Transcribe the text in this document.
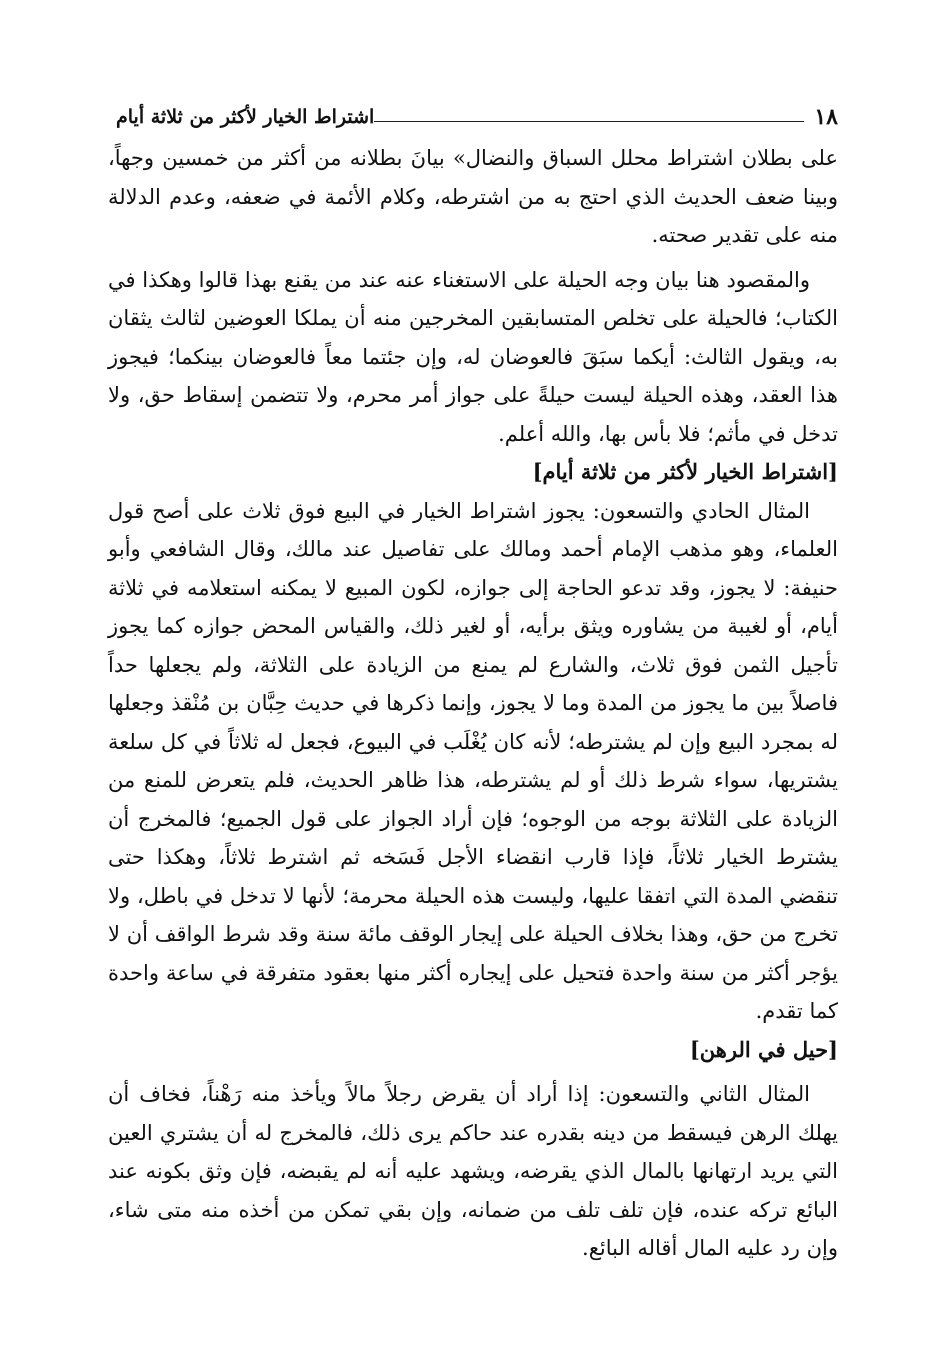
١٨
اشتراط الخيار لأكثر من ثلاثة أيام

على بطلان اشتراط محلل السباق والنضال» بيانَ بطلانه من أكثر من خمسين وجهاً، وبينا ضعف الحديث الذي احتج به من اشترطه، وكلام الأئمة في ضعفه، وعدم الدلالة منه على تقدير صحته.

والمقصود هنا بيان وجه الحيلة على الاستغناء عنه عند من يقنع بهذا قالوا وهكذا في الكتاب؛ فالحيلة على تخلص المتسابقين المخرجين منه أن يملكا العوضين لثالث يثقان به، ويقول الثالث: أيكما سبَقَ فالعوضان له، وإن جئتما معاً فالعوضان بينكما؛ فيجوز هذا العقد، وهذه الحيلة ليست حيلةً على جواز أمر محرم، ولا تتضمن إسقاط حق، ولا تدخل في مأثم؛ فلا بأس بها، والله أعلم.

[اشتراط الخيار لأكثر من ثلاثة أيام]

المثال الحادي والتسعون: يجوز اشتراط الخيار في البيع فوق ثلاث على أصح قول العلماء، وهو مذهب الإمام أحمد ومالك على تفاصيل عند مالك، وقال الشافعي وأبو حنيفة: لا يجوز، وقد تدعو الحاجة إلى جوازه، لكون المبيع لا يمكنه استعلامه في ثلاثة أيام، أو لغيبة من يشاوره ويثق برأيه، أو لغير ذلك، والقياس المحض جوازه كما يجوز تأجيل الثمن فوق ثلاث، والشارع لم يمنع من الزيادة على الثلاثة، ولم يجعلها حداً فاصلاً بين ما يجوز من المدة وما لا يجوز، وإنما ذكرها في حديث حِبَّان بن مُنْقذ وجعلها له بمجرد البيع وإن لم يشترطه؛ لأنه كان يُغْلَب في البيوع، فجعل له ثلاثاً في كل سلعة يشتريها، سواء شرط ذلك أو لم يشترطه، هذا ظاهر الحديث، فلم يتعرض للمنع من الزيادة على الثلاثة بوجه من الوجوه؛ فإن أراد الجواز على قول الجميع؛ فالمخرج أن يشترط الخيار ثلاثاً، فإذا قارب انقضاء الأجل فَسَخه ثم اشترط ثلاثاً، وهكذا حتى تنقضي المدة التي اتفقا عليها، وليست هذه الحيلة محرمة؛ لأنها لا تدخل في باطل، ولا تخرج من حق، وهذا بخلاف الحيلة على إيجار الوقف مائة سنة وقد شرط الواقف أن لا يؤجر أكثر من سنة واحدة فتحيل على إيجاره أكثر منها بعقود متفرقة في ساعة واحدة كما تقدم.

[حيل في الرهن]

المثال الثاني والتسعون: إذا أراد أن يقرض رجلاً مالاً ويأخذ منه رَهْناً، فخاف أن يهلك الرهن فيسقط من دينه بقدره عند حاكم يرى ذلك، فالمخرج له أن يشتري العين التي يريد ارتهانها بالمال الذي يقرضه، ويشهد عليه أنه لم يقبضه، فإن وثق بكونه عند البائع تركه عنده، فإن تلف تلف من ضمانه، وإن بقي تمكن من أخذه منه متى شاء، وإن رد عليه المال أقاله البائع.
